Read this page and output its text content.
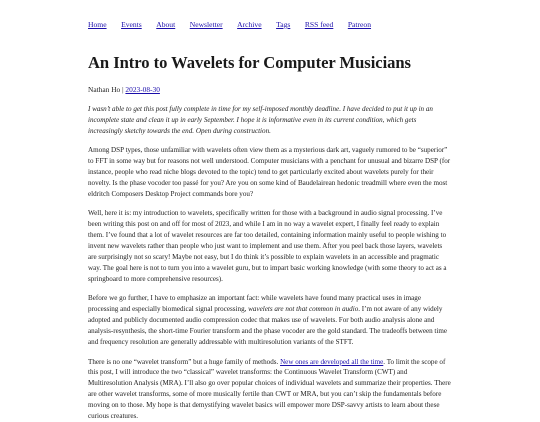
Home Events About Newsletter Archive Tags RSS feed Patreon
An Intro to Wavelets for Computer Musicians
Nathan Ho | 2023-08-30

I wasn’t able to get this post fully complete in time for my self-imposed monthly deadline. I have decided to put it up in an incomplete state and clean it up in early September. I hope it is informative even in its current condition, which gets increasingly sketchy towards the end. Open during construction.

Among DSP types, those unfamiliar with wavelets often view them as a mysterious dark art, vaguely rumored to be “superior” to FFT in some way but for reasons not well understood. Computer musicians with a penchant for unusual and bizarre DSP (for instance, people who read niche blogs devoted to the topic) tend to get particularly excited about wavelets purely for their novelty. Is the phase vocoder too passé for you? Are you on some kind of Baudelairean hedonic treadmill where even the most eldritch Composers Desktop Project commands bore you?

Well, here it is: my introduction to wavelets, specifically written for those with a background in audio signal processing. I’ve been writing this post on and off for most of 2023, and while I am in no way a wavelet expert, I finally feel ready to explain them. I’ve found that a lot of wavelet resources are far too detailed, containing information mainly useful to people wishing to invent new wavelets rather than people who just want to implement and use them. After you peel back those layers, wavelets are surprisingly not so scary! Maybe not easy, but I do think it’s possible to explain wavelets in an accessible and pragmatic way. The goal here is not to turn you into a wavelet guru, but to impart basic working knowledge (with some theory to act as a springboard to more comprehensive resources).

Before we go further, I have to emphasize an important fact: while wavelets have found many practical uses in image processing and especially biomedical signal processing, wavelets are not that common in audio. I’m not aware of any widely adopted and publicly documented audio compression codec that makes use of wavelets. For both audio analysis alone and analysis-resynthesis, the short-time Fourier transform and the phase vocoder are the gold standard. The tradeoffs between time and frequency resolution are generally addressable with multiresolution variants of the STFT.

There is no one “wavelet transform” but a huge family of methods. New ones are developed all the time. To limit the scope of this post, I will introduce the two “classical” wavelet transforms: the Continuous Wavelet Transform (CWT) and Multiresolution Analysis (MRA). I’ll also go over popular choices of individual wavelets and summarize their properties. There are other wavelet transforms, some of more musically fertile than CWT or MRA, but you can’t skip the fundamentals before moving on to those. My hope is that demystifying wavelet basics will empower more DSP-savvy artists to learn about these curious creatures.
